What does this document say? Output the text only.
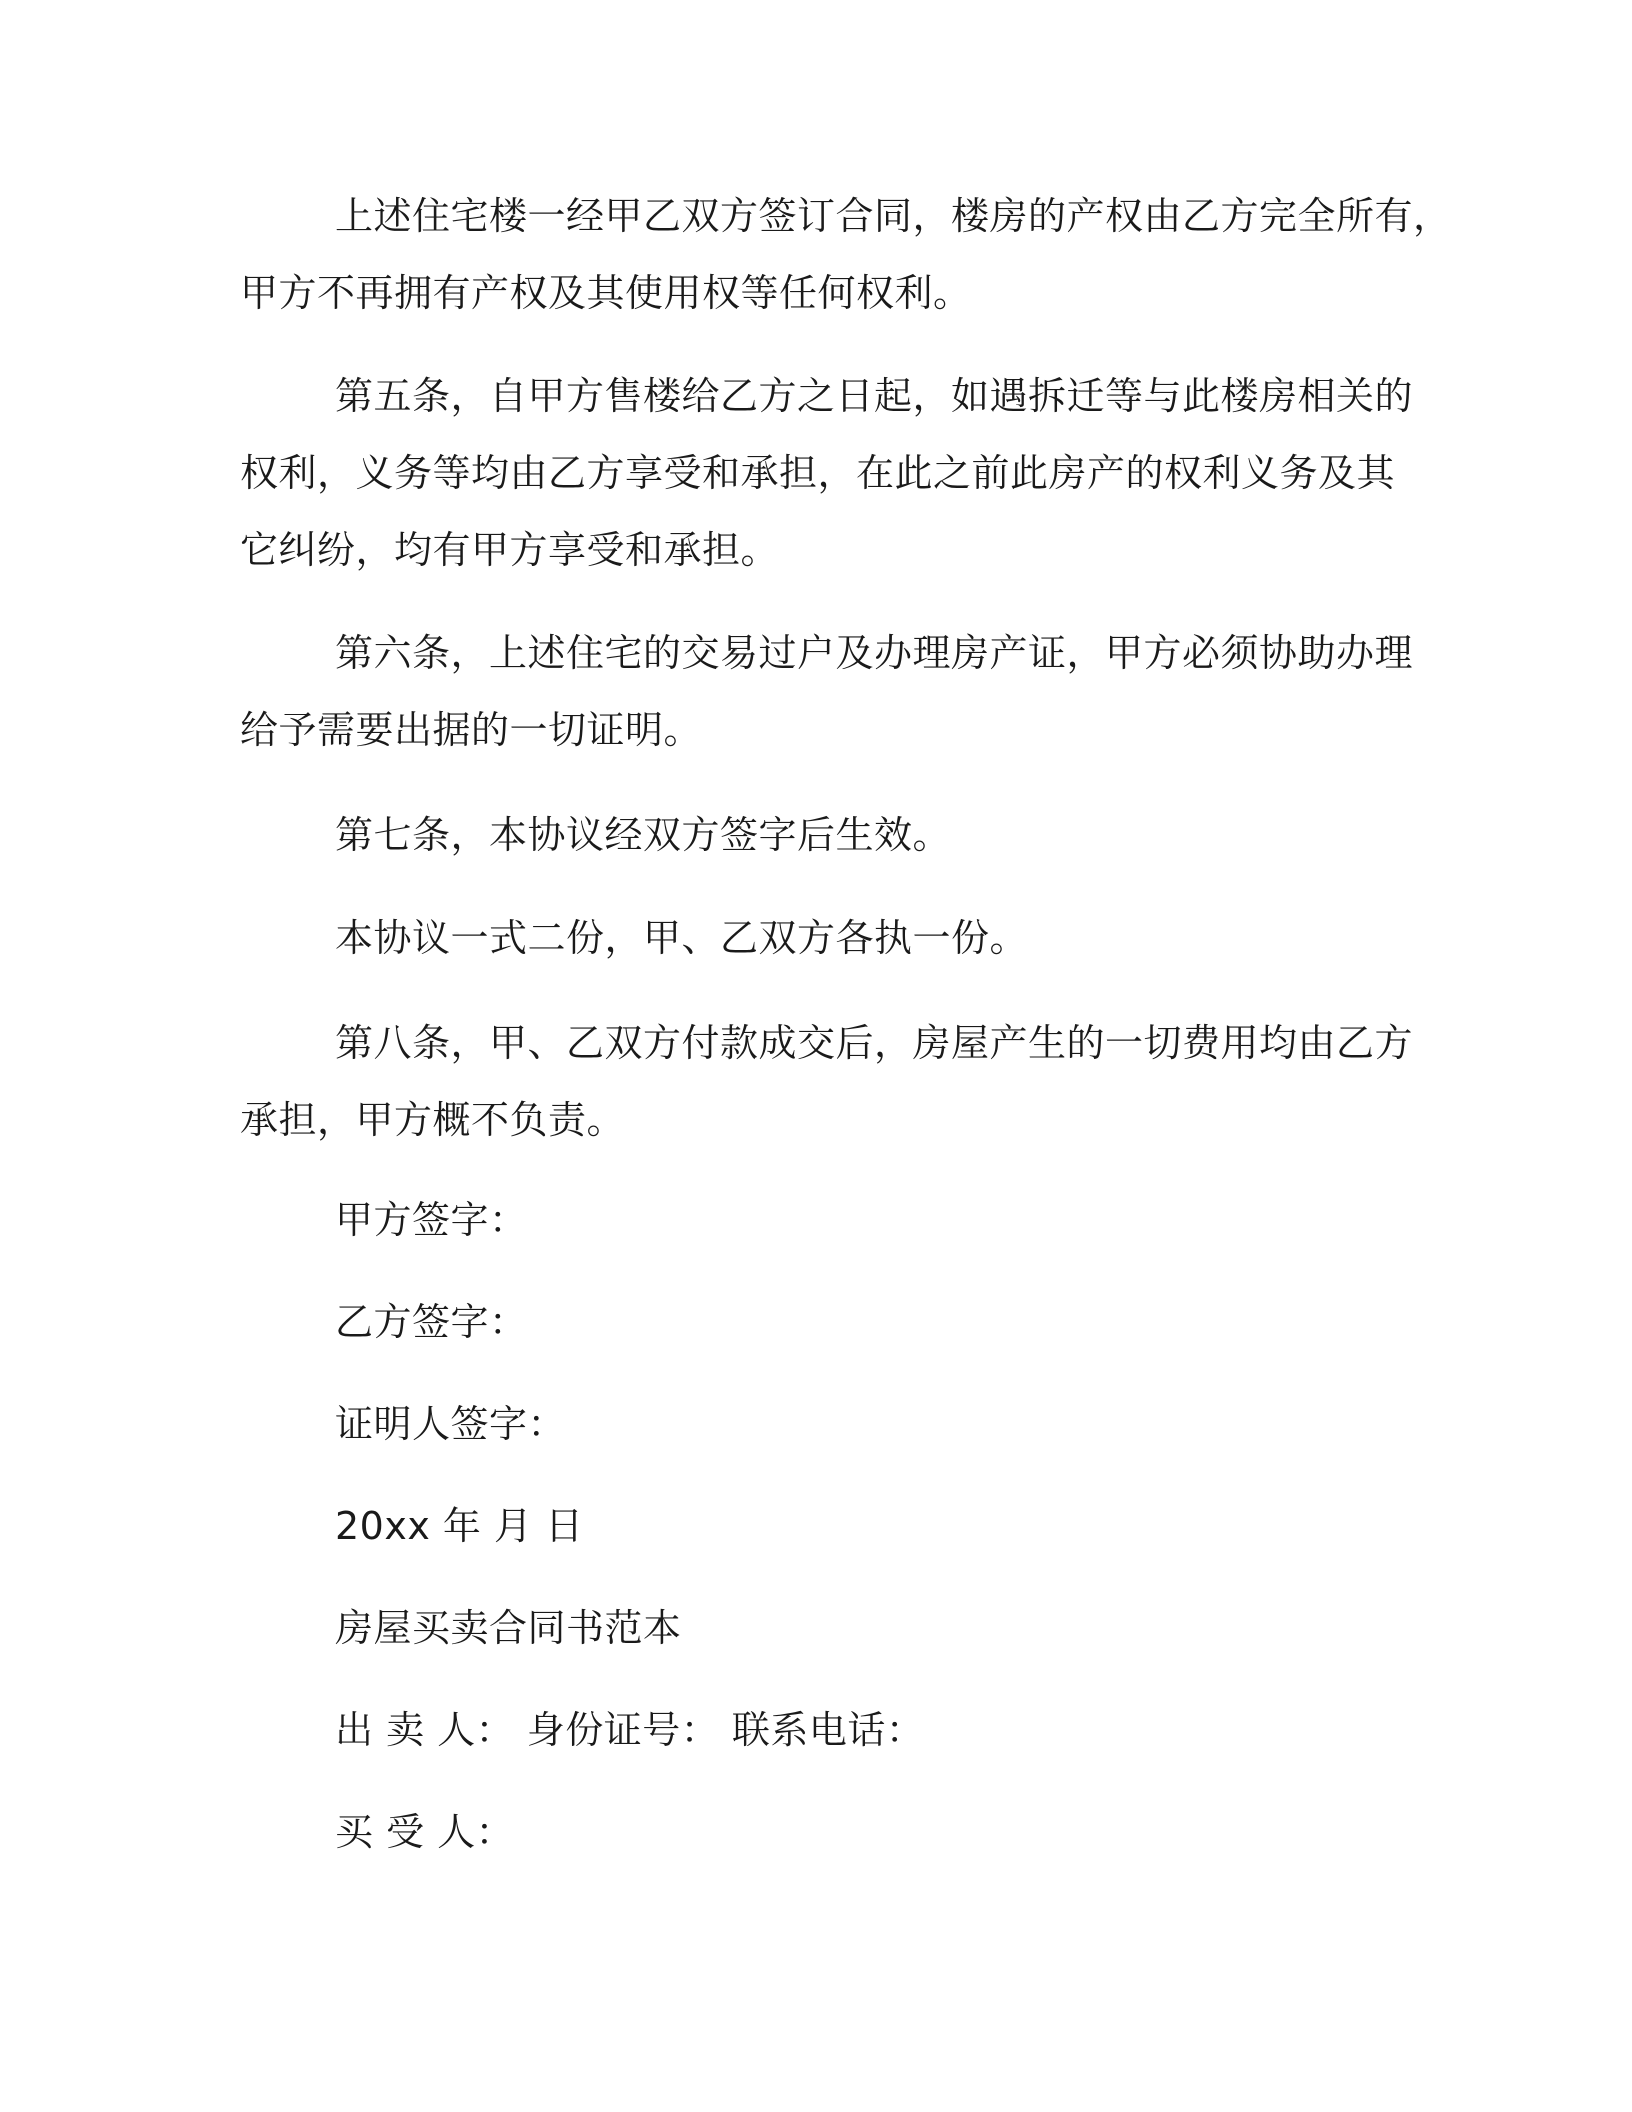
上述住宅楼一经甲乙双方签订合同，楼房的产权由乙方完全所有，
甲方不再拥有产权及其使用权等任何权利。

第五条，自甲方售楼给乙方之日起，如遇拆迁等与此楼房相关的
权利，义务等均由乙方享受和承担，在此之前此房产的权利义务及其
它纠纷，均有甲方享受和承担。

第六条，上述住宅的交易过户及办理房产证，甲方必须协助办理
给予需要出据的一切证明。

第七条，本协议经双方签字后生效。

本协议一式二份，甲、乙双方各执一份。

第八条，甲、乙双方付款成交后，房屋产生的一切费用均由乙方
承担，甲方概不负责。

甲方签字：

乙方签字：

证明人签字：

20xx 年 月 日

房屋买卖合同书范本

出 卖 人： 身份证号： 联系电话：

买 受 人：
